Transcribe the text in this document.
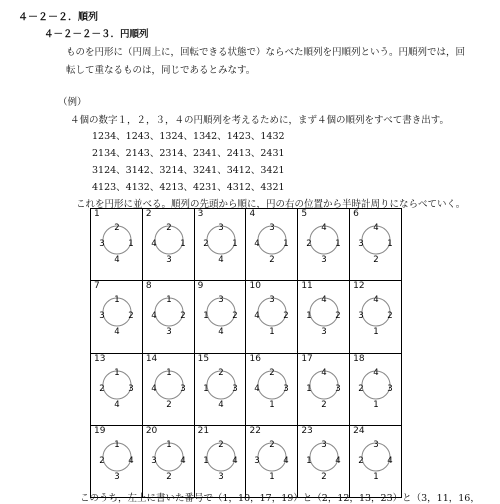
４－２－２．順列
４－２－２－３．円順列
ものを円形に（円周上に，回転できる状態で）ならべた順列を円順列という。円順列では，回
転して重なるものは，同じであるとみなす。
（例）
４個の数字１，２，３，４の円順列を考えるために，まず４個の順列をすべて書き出す。
1234、1243、1324、1342、1423、1432
2134、2143、2314、2341、2413、2431
3124、3142、3214、3241、3412、3421
4123、4132、4213、4231、4312、4321
これを円形に並べる。順列の先頭から順に，円の右の位置から半時計周りにならべていく。
1
1
2
3
4
2
1
2
4
3
3
1
3
2
4
4
1
3
4
2
5
1
4
2
3
6
1
4
3
2
7
2
1
3
4
8
2
1
4
3
9
2
3
1
4
10
2
3
4
1
11
2
4
1
3
12
2
4
3
1
13
3
1
2
4
14
3
1
4
2
15
3
2
1
4
16
3
2
4
1
17
3
4
1
2
18
3
4
2
1
19
4
1
2
3
20
4
1
3
2
21
4
2
1
3
22
4
2
3
1
23
4
3
1
2
24
4
3
2
1
このうち，左上に書いた番号で（1，10，17，19）と（2，12，13，23）と（3，11，16，
